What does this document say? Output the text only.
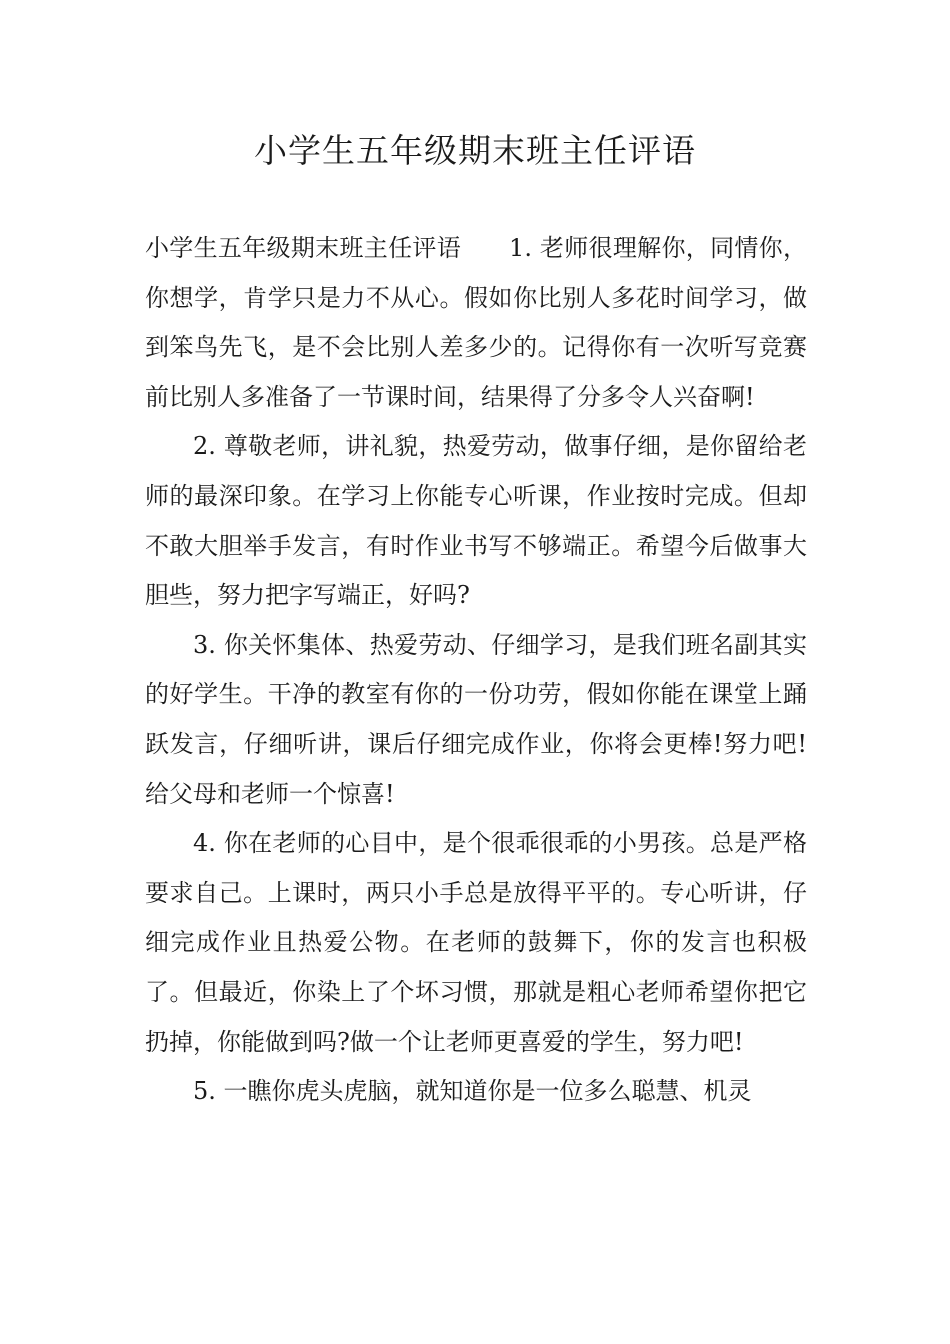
小学生五年级期末班主任评语

小学生五年级期末班主任评语 1. 老师很理解你，同情你，你想学，肯学只是力不从心。假如你比别人多花时间学习，做到笨鸟先飞，是不会比别人差多少的。记得你有一次听写竞赛前比别人多准备了一节课时间，结果得了分多令人兴奋啊!

2. 尊敬老师，讲礼貌，热爱劳动，做事仔细，是你留给老师的最深印象。在学习上你能专心听课，作业按时完成。但却不敢大胆举手发言，有时作业书写不够端正。希望今后做事大胆些，努力把字写端正，好吗?

3. 你关怀集体、热爱劳动、仔细学习，是我们班名副其实的好学生。干净的教室有你的一份功劳，假如你能在课堂上踊跃发言，仔细听讲，课后仔细完成作业，你将会更棒!努力吧!给父母和老师一个惊喜!

4. 你在老师的心目中，是个很乖很乖的小男孩。总是严格要求自己。上课时，两只小手总是放得平平的。专心听讲，仔细完成作业且热爱公物。在老师的鼓舞下，你的发言也积极了。但最近，你染上了个坏习惯，那就是粗心老师希望你把它扔掉，你能做到吗?做一个让老师更喜爱的学生，努力吧!

5. 一瞧你虎头虎脑，就知道你是一位多么聪慧、机灵
